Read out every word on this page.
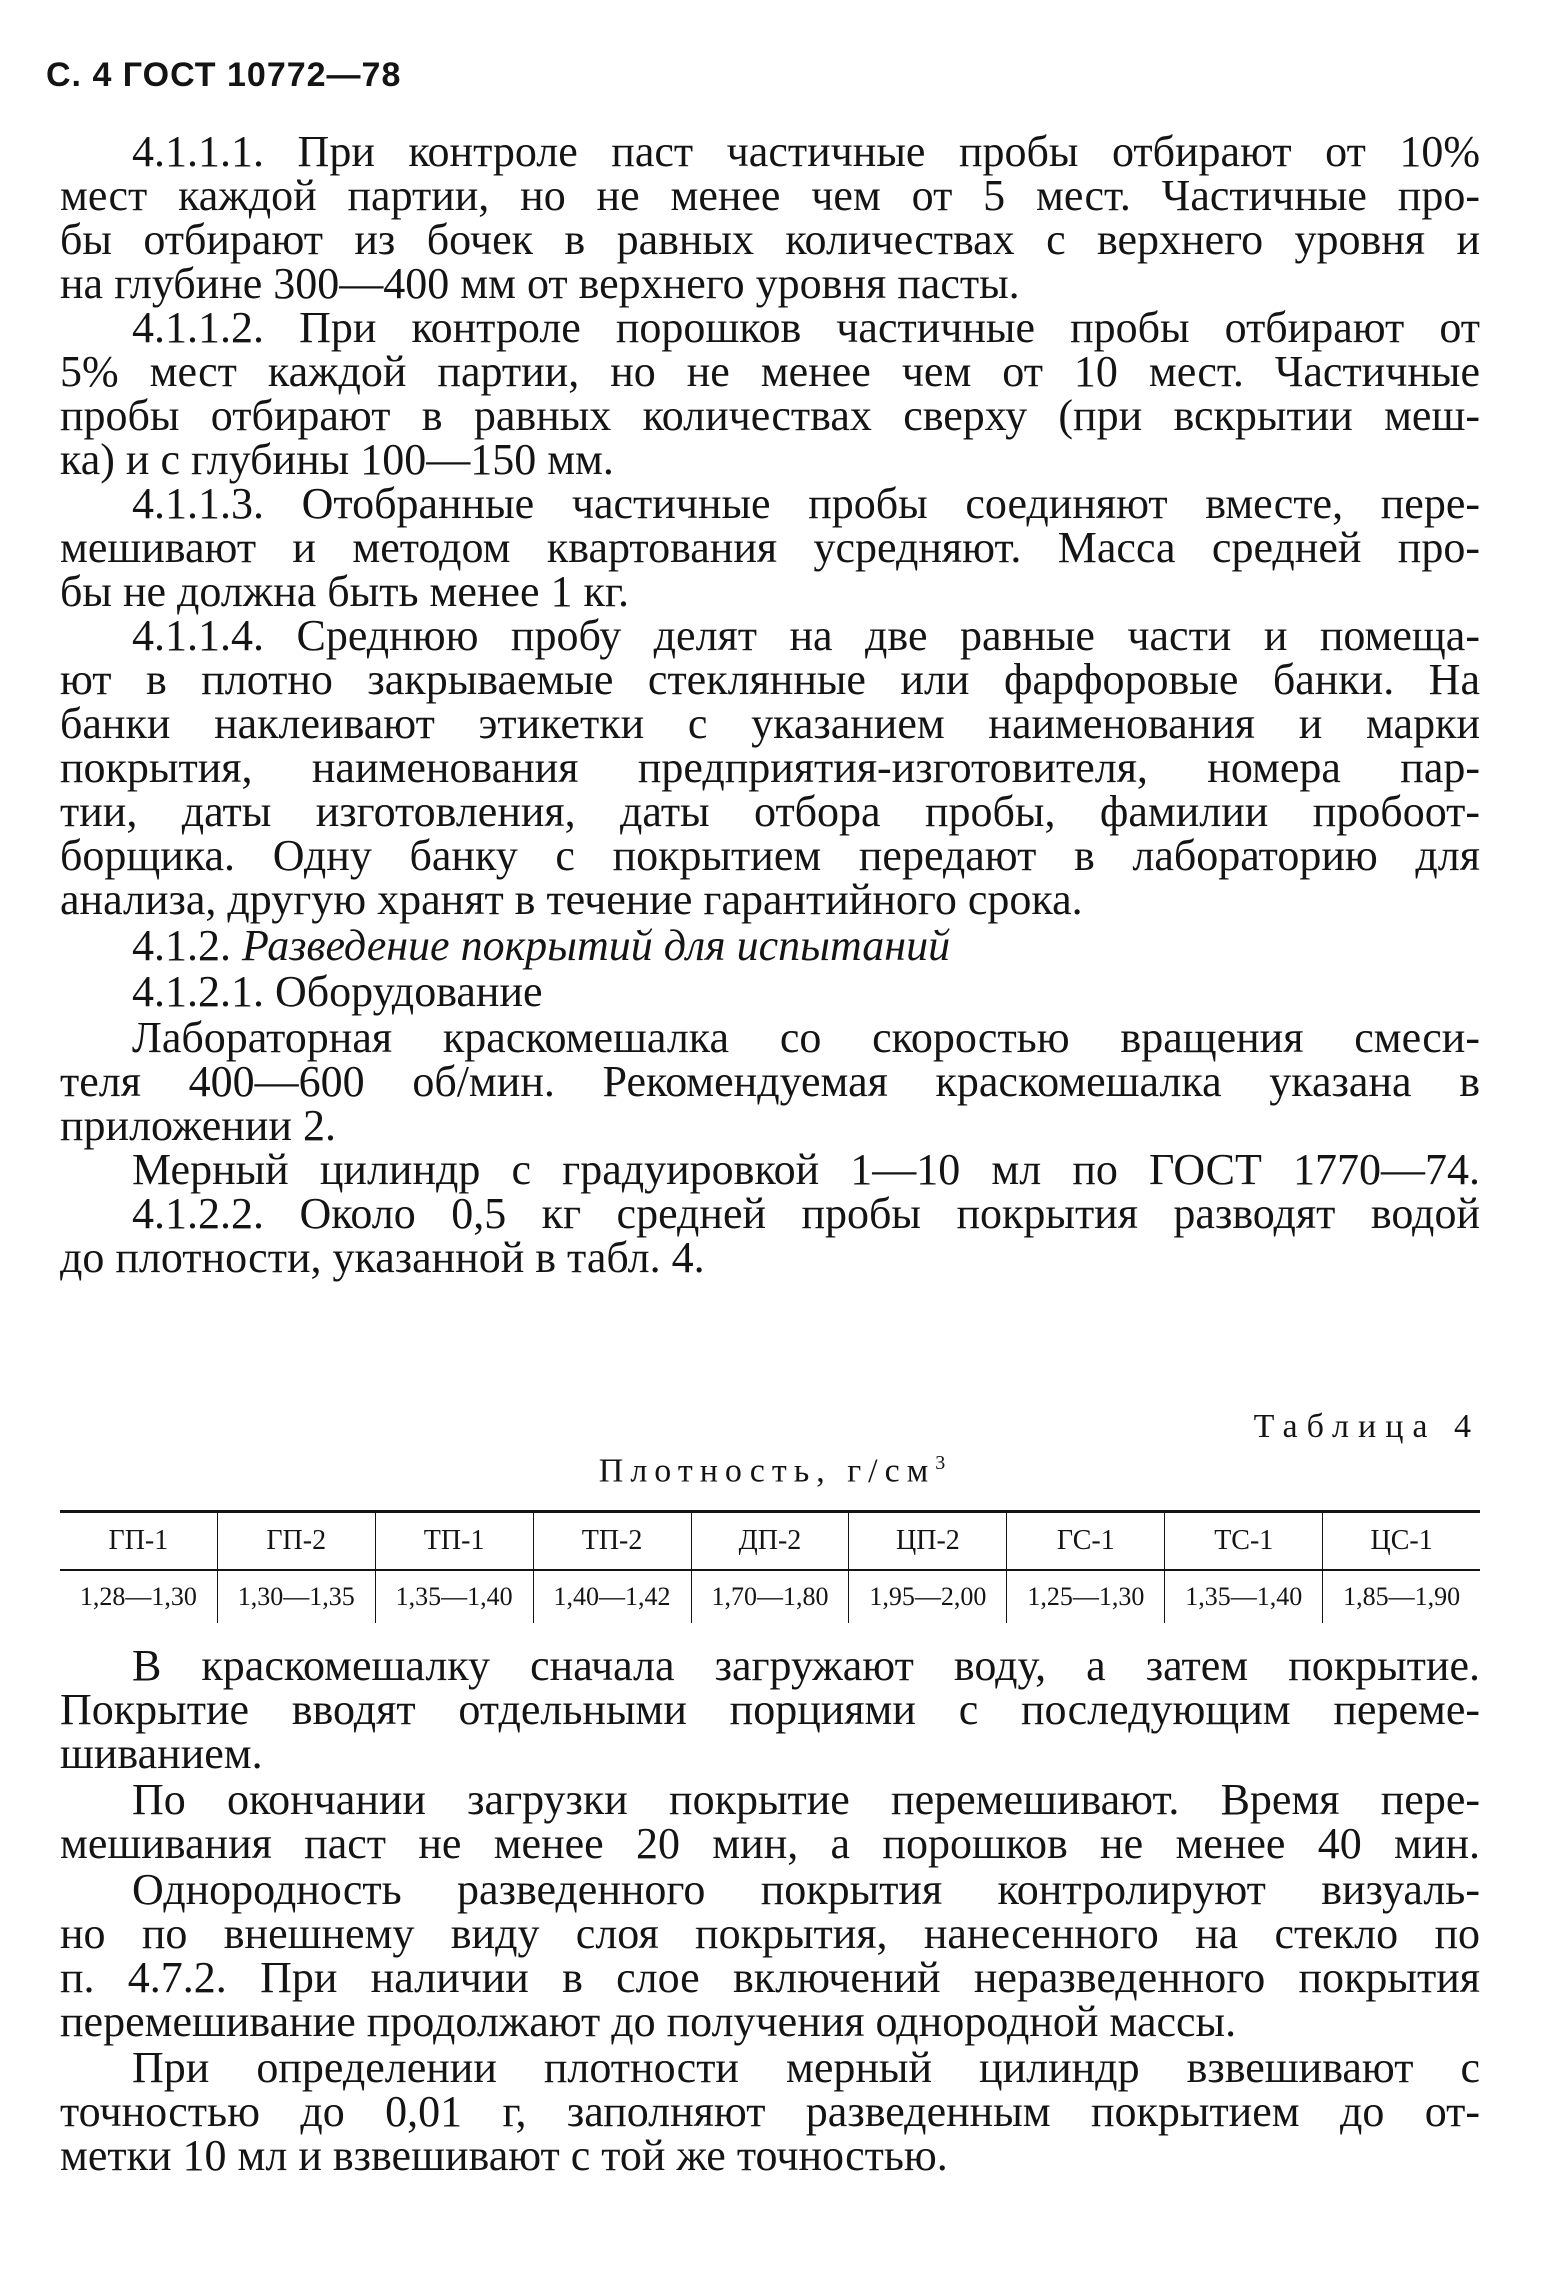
С. 4 ГОСТ 10772—78
4.1.1.1. При контроле паст частичные пробы отбирают от 10%
мест каждой партии, но не менее чем от 5 мест. Частичные про-
бы отбирают из бочек в равных количествах с верхнего уровня и
на глубине 300—400 мм от верхнего уровня пасты.
4.1.1.2. При контроле порошков частичные пробы отбирают от
5% мест каждой партии, но не менее чем от 10 мест. Частичные
пробы отбирают в равных количествах сверху (при вскрытии меш-
ка) и с глубины 100—150 мм.
4.1.1.3. Отобранные частичные пробы соединяют вместе, пере-
мешивают и методом квартования усредняют. Масса средней про-
бы не должна быть менее 1 кг.
4.1.1.4. Среднюю пробу делят на две равные части и помеща-
ют в плотно закрываемые стеклянные или фарфоровые банки. На
банки наклеивают этикетки с указанием наименования и марки
покрытия, наименования предприятия-изготовителя, номера пар-
тии, даты изготовления, даты отбора пробы, фамилии пробоот-
борщика. Одну банку с покрытием передают в лабораторию для
анализа, другую хранят в течение гарантийного срока.
4.1.2. Разведение покрытий для испытаний
4.1.2.1. Оборудование
Лабораторная краскомешалка со скоростью вращения смеси-
теля 400—600 об/мин. Рекомендуемая краскомешалка указана в
приложении 2.
Мерный цилиндр с градуировкой 1—10 мл по ГОСТ 1770—74.
4.1.2.2. Около 0,5 кг средней пробы покрытия разводят водой
до плотности, указанной в табл. 4.
В краскомешалку сначала загружают воду, а затем покрытие.
Покрытие вводят отдельными порциями с последующим переме-
шиванием.
По окончании загрузки покрытие перемешивают. Время пере-
мешивания паст не менее 20 мин, а порошков не менее 40 мин.
Однородность разведенного покрытия контролируют визуаль-
но по внешнему виду слоя покрытия, нанесенного на стекло по
п. 4.7.2. При наличии в слое включений неразведенного покрытия
перемешивание продолжают до получения однородной массы.
При определении плотности мерный цилиндр взвешивают с
точностью до 0,01 г, заполняют разведенным покрытием до от-
метки 10 мл и взвешивают с той же точностью.
Таблица 4
Плотность, $г/см^3$
ГП-1	ГП-2	ТП-1	ТП-2	ДП-2	ЦП-2	ГС-1	ТС-1	ЦС-1
1,28—1,30	1,30—1,35	1,35—1,40	1,40—1,42	1,70—1,80	1,95—2,00	1,25—1,30	1,35—1,40	1,85—1,90
